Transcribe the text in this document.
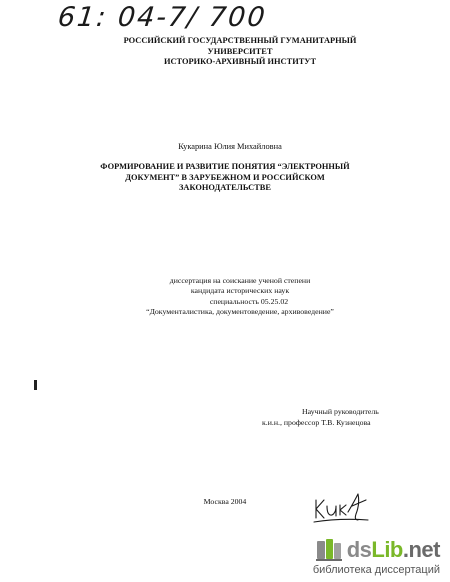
61: 04-7/ 700
РОССИЙСКИЙ ГОСУДАРСТВЕННЫЙ ГУМАНИТАРНЫЙ
УНИВЕРСИТЕТ
ИСТОРИКО-АРХИВНЫЙ ИНСТИТУТ
Кукарина Юлия Михайловна
ФОРМИРОВАНИЕ И РАЗВИТИЕ ПОНЯТИЯ “ЭЛЕКТРОННЫЙ
ДОКУМЕНТ” В ЗАРУБЕЖНОМ И РОССИЙСКОМ
ЗАКОНОДАТЕЛЬСТВЕ
диссертация на соискание ученой степени
кандидата исторических наук
специальность 05.25.02
“Документалистика, документоведение, архивоведение”
Научный руководитель
к.и.н., профессор Т.В. Кузнецова
Москва 2004
dsLib.net
библиотека диссертаций
